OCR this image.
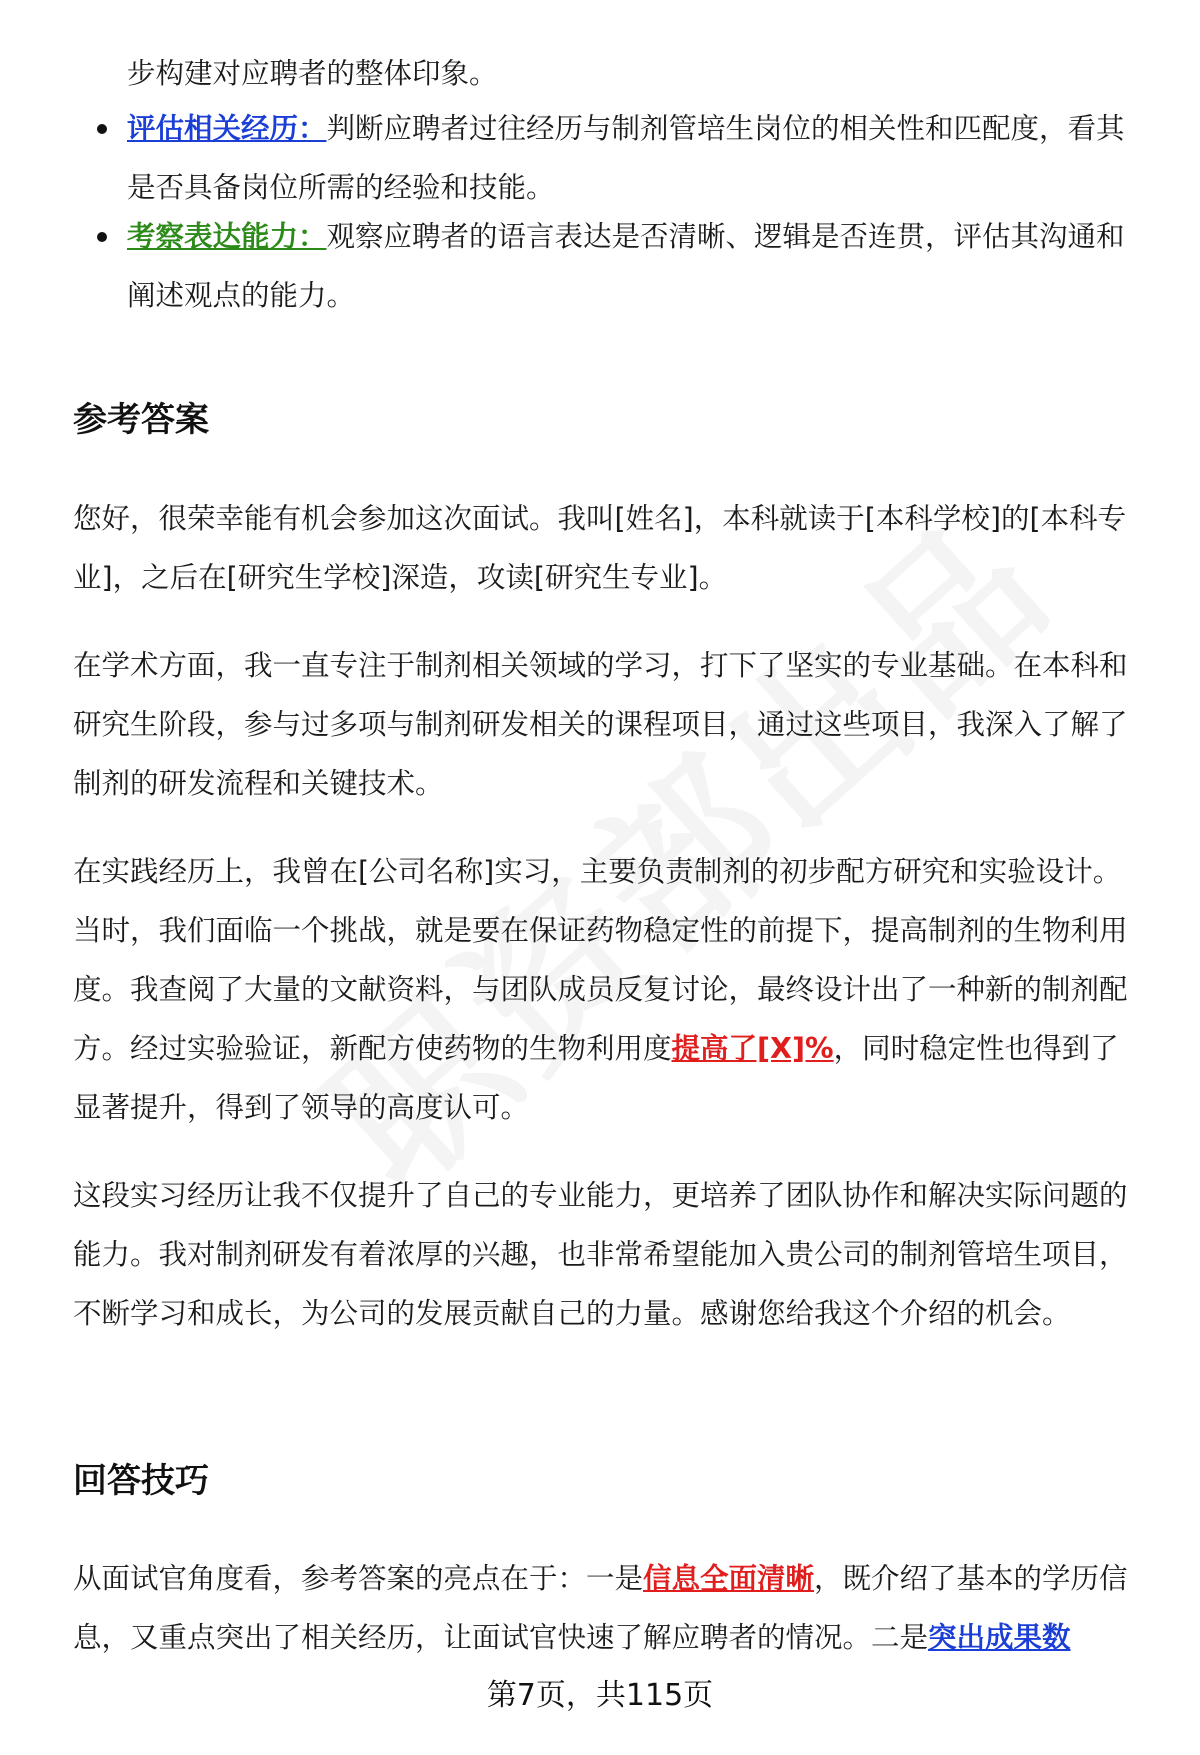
步构建对应聘者的整体印象。

评估相关经历：判断应聘者过往经历与制剂管培生岗位的相关性和匹配度，看其是否具备岗位所需的经验和技能。
考察表达能力：观察应聘者的语言表达是否清晰、逻辑是否连贯，评估其沟通和阐述观点的能力。
参考答案

您好，很荣幸能有机会参加这次面试。我叫[姓名]，本科就读于[本科学校]的[本科专业]，之后在[研究生学校]深造，攻读[研究生专业]。

在学术方面，我一直专注于制剂相关领域的学习，打下了坚实的专业基础。在本科和研究生阶段，参与过多项与制剂研发相关的课程项目，通过这些项目，我深入了解了制剂的研发流程和关键技术。

在实践经历上，我曾在[公司名称]实习，主要负责制剂的初步配方研究和实验设计。当时，我们面临一个挑战，就是要在保证药物稳定性的前提下，提高制剂的生物利用度。我查阅了大量的文献资料，与团队成员反复讨论，最终设计出了一种新的制剂配方。经过实验验证，新配方使药物的生物利用度提高了[X]%，同时稳定性也得到了显著提升，得到了领导的高度认可。

这段实习经历让我不仅提升了自己的专业能力，更培养了团队协作和解决实际问题的能力。我对制剂研发有着浓厚的兴趣，也非常希望能加入贵公司的制剂管培生项目，不断学习和成长，为公司的发展贡献自己的力量。感谢您给我这个介绍的机会。

回答技巧

从面试官角度看，参考答案的亮点在于：一是信息全面清晰，既介绍了基本的学历信息，又重点突出了相关经历，让面试官快速了解应聘者的情况。二是突出成果数

第7页，共115页
